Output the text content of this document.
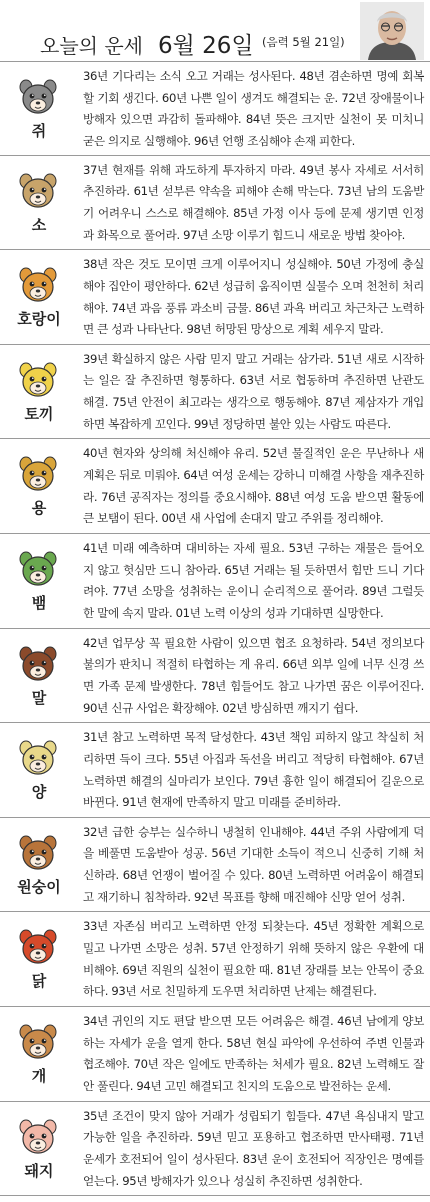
오늘의 운세 6월 26일 (음력 5월 21일)
쥐
36년 기다리는 소식 오고 거래는 성사된다. 48년 겸손하면 명예 회복할 기회 생긴다. 60년 나쁜 일이 생겨도 해결되는 운. 72년 장애물이나 방해자 있으면 과감히 돌파해야. 84년 뜻은 크지만 실천이 못 미치니 굳은 의지로 실행해야. 96년 언행 조심해야 손재 피한다.
소
37년 현재를 위해 과도하게 투자하지 마라. 49년 봉사 자세로 서서히 추진하라. 61년 섣부른 약속을 피해야 손해 막는다. 73년 남의 도움받기 어려우니 스스로 해결해야. 85년 가정 이사 등에 문제 생기면 인정과 화목으로 풀어라. 97년 소망 이루기 힘드니 새로운 방법 찾아야.
호랑이
38년 작은 것도 모이면 크게 이루어지니 성실해야. 50년 가정에 충실해야 집안이 평안하다. 62년 성급히 움직이면 실물수 오며 천천히 처리해야. 74년 과음 풍류 과소비 금물. 86년 과욕 버리고 차근차근 노력하면 큰 성과 나타난다. 98년 허망된 망상으로 계획 세우지 말라.
토끼
39년 확실하지 않은 사람 믿지 말고 거래는 삼가라. 51년 새로 시작하는 일은 잘 추진하면 형통하다. 63년 서로 협동하며 추진하면 난관도 해결. 75년 안전이 최고라는 생각으로 행동해야. 87년 제삼자가 개입하면 복잡하게 꼬인다. 99년 정당하면 불안 있는 사람도 따른다.
용
40년 현자와 상의해 처신해야 유리. 52년 물질적인 운은 무난하나 새 계획은 뒤로 미뤄야. 64년 여성 운세는 강하니 미해결 사항을 재추진하라. 76년 공직자는 정의를 중요시해야. 88년 여성 도움 받으면 활동에 큰 보탬이 된다. 00년 새 사업에 손대지 말고 주위를 정리해야.
뱀
41년 미래 예측하며 대비하는 자세 필요. 53년 구하는 재물은 들어오지 않고 헛심만 드니 참아라. 65년 거래는 될 듯하면서 힘만 드니 기다려야. 77년 소망을 성취하는 운이니 순리적으로 풀어라. 89년 그럴듯한 말에 속지 말라. 01년 노력 이상의 성과 기대하면 실망한다.
말
42년 업무상 꼭 필요한 사람이 있으면 협조 요청하라. 54년 정의보다 불의가 판치니 적절히 타협하는 게 유리. 66년 외부 일에 너무 신경 쓰면 가족 문제 발생한다. 78년 힘들어도 참고 나가면 꿈은 이루어진다. 90년 신규 사업은 확장해야. 02년 방심하면 깨지기 쉽다.
양
31년 참고 노력하면 목적 달성한다. 43년 책임 피하지 않고 착실히 처리하면 득이 크다. 55년 아집과 독선을 버리고 적당히 타협해야. 67년 노력하면 해결의 실마리가 보인다. 79년 흉한 일이 해결되어 길운으로 바뀐다. 91년 현재에 만족하지 말고 미래를 준비하라.
원숭이
32년 급한 승부는 실수하니 냉철히 인내해야. 44년 주위 사람에게 덕을 베풀면 도움받아 성공. 56년 기대한 소득이 적으니 신중히 기해 처신하라. 68년 언쟁이 벌어질 수 있다. 80년 노력하면 어려움이 해결되고 재기하니 침착하라. 92년 목표를 향해 매진해야 신망 얻어 성취.
닭
33년 자존심 버리고 노력하면 안정 되찾는다. 45년 정확한 계획으로 밀고 나가면 소망은 성취. 57년 안정하기 위해 뜻하지 않은 우환에 대비해야. 69년 직원의 실천이 필요한 때. 81년 장래를 보는 안목이 중요하다. 93년 서로 친밀하게 도우면 처리하면 난제는 해결된다.
개
34년 귀인의 지도 편달 받으면 모든 어려움은 해결. 46년 남에게 양보하는 자세가 운을 열게 한다. 58년 현실 파악에 우선하여 주변 인물과 협조해야. 70년 작은 일에도 만족하는 처세가 필요. 82년 노력해도 잘 안 풀린다. 94년 고민 해결되고 친지의 도움으로 발전하는 운세.
돼지
35년 조건이 맞지 않아 거래가 성립되기 힘들다. 47년 욕심내지 말고 가능한 일을 추진하라. 59년 믿고 포용하고 협조하면 만사태평. 71년 운세가 호전되어 일이 성사된다. 83년 운이 호전되어 직장인은 명예를 얻는다. 95년 방해자가 있으나 성실히 추진하면 성취한다.
